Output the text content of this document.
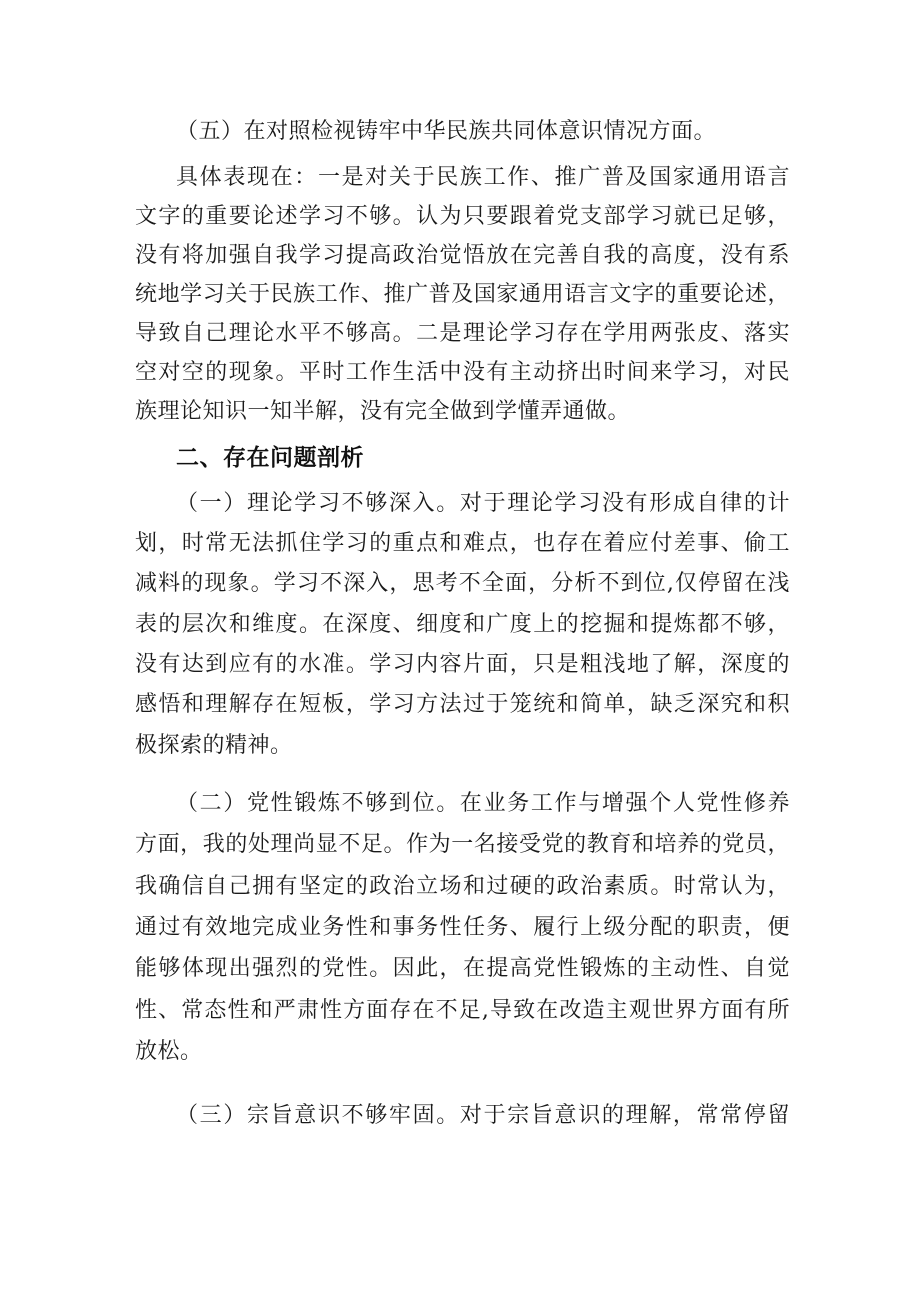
（五）在对照检视铸牢中华民族共同体意识情况方面。
具体表现在：一是对关于民族工作、推广普及国家通用语言
文字的重要论述学习不够。认为只要跟着党支部学习就已足够，
没有将加强自我学习提高政治觉悟放在完善自我的高度，没有系
统地学习关于民族工作、推广普及国家通用语言文字的重要论述，
导致自己理论水平不够高。二是理论学习存在学用两张皮、落实
空对空的现象。平时工作生活中没有主动挤出时间来学习，对民
族理论知识一知半解，没有完全做到学懂弄通做。
二、存在问题剖析
（一）理论学习不够深入。对于理论学习没有形成自律的计
划，时常无法抓住学习的重点和难点，也存在着应付差事、偷工
减料的现象。学习不深入，思考不全面，分析不到位,仅停留在浅
表的层次和维度。在深度、细度和广度上的挖掘和提炼都不够，
没有达到应有的水准。学习内容片面，只是粗浅地了解，深度的
感悟和理解存在短板，学习方法过于笼统和简单，缺乏深究和积
极探索的精神。
（二）党性锻炼不够到位。在业务工作与增强个人党性修养
方面，我的处理尚显不足。作为一名接受党的教育和培养的党员，
我确信自己拥有坚定的政治立场和过硬的政治素质。时常认为，
通过有效地完成业务性和事务性任务、履行上级分配的职责，便
能够体现出强烈的党性。因此，在提高党性锻炼的主动性、自觉
性、常态性和严肃性方面存在不足,导致在改造主观世界方面有所
放松。
（三）宗旨意识不够牢固。对于宗旨意识的理解，常常停留
